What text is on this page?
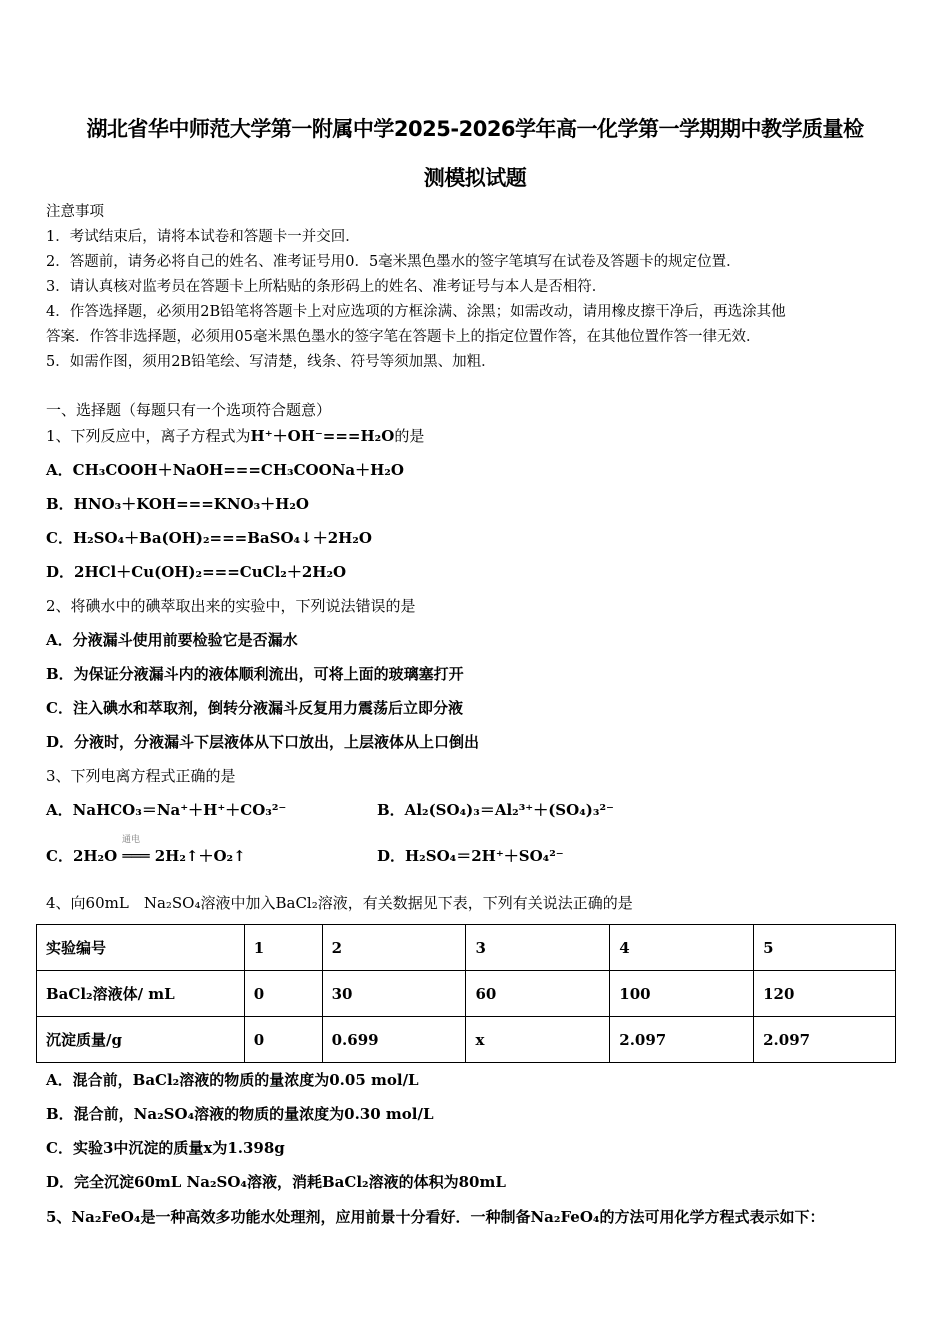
湖北省华中师范大学第一附属中学2025-2026学年高一化学第一学期期中教学质量检
测模拟试题
注意事项
1．考试结束后，请将本试卷和答题卡一并交回．
2．答题前，请务必将自己的姓名、准考证号用0．5毫米黑色墨水的签字笔填写在试卷及答题卡的规定位置．
3．请认真核对监考员在答题卡上所粘贴的条形码上的姓名、准考证号与本人是否相符．
4．作答选择题，必须用2B铅笔将答题卡上对应选项的方框涂满、涂黑；如需改动，请用橡皮擦干净后，再选涂其他
答案．作答非选择题，必须用05毫米黑色墨水的签字笔在答题卡上的指定位置作答，在其他位置作答一律无效．
5．如需作图，须用2B铅笔绘、写清楚，线条、符号等须加黑、加粗．
一、选择题（每题只有一个选项符合题意）
1、下列反应中，离子方程式为H⁺＋OH⁻===H₂O的是
A．CH₃COOH＋NaOH===CH₃COONa＋H₂O
B．HNO₃＋KOH===KNO₃＋H₂O
C．H₂SO₄＋Ba(OH)₂===BaSO₄↓＋2H₂O
D．2HCl＋Cu(OH)₂===CuCl₂＋2H₂O
2、将碘水中的碘萃取出来的实验中，下列说法错误的是
A．分液漏斗使用前要检验它是否漏水
B．为保证分液漏斗内的液体顺利流出，可将上面的玻璃塞打开
C．注入碘水和萃取剂，倒转分液漏斗反复用力震荡后立即分液
D．分液时，分液漏斗下层液体从下口放出，上层液体从上口倒出
3、下列电离方程式正确的是
A．NaHCO₃＝Na⁺＋H⁺＋CO₃²⁻	B．Al₂(SO₄)₃＝Al₂³⁺＋(SO₄)₃²⁻
通电
C．2H₂O ═══ 2H₂↑＋O₂↑	D．H₂SO₄＝2H⁺＋SO₄²⁻
4、向60mL　Na₂SO₄溶液中加入BaCl₂溶液，有关数据见下表，下列有关说法正确的是
实验编号	1	2	3	4	5
BaCl₂溶液体/ mL	0	30	60	100	120
沉淀质量/g	0	0.699	x	2.097	2.097
A．混合前，BaCl₂溶液的物质的量浓度为0.05 mol/L
B．混合前，Na₂SO₄溶液的物质的量浓度为0.30 mol/L
C．实验3中沉淀的质量x为1.398g
D．完全沉淀60mL Na₂SO₄溶液，消耗BaCl₂溶液的体积为80mL
5、Na₂FeO₄是一种高效多功能水处理剂，应用前景十分看好．一种制备Na₂FeO₄的方法可用化学方程式表示如下：
